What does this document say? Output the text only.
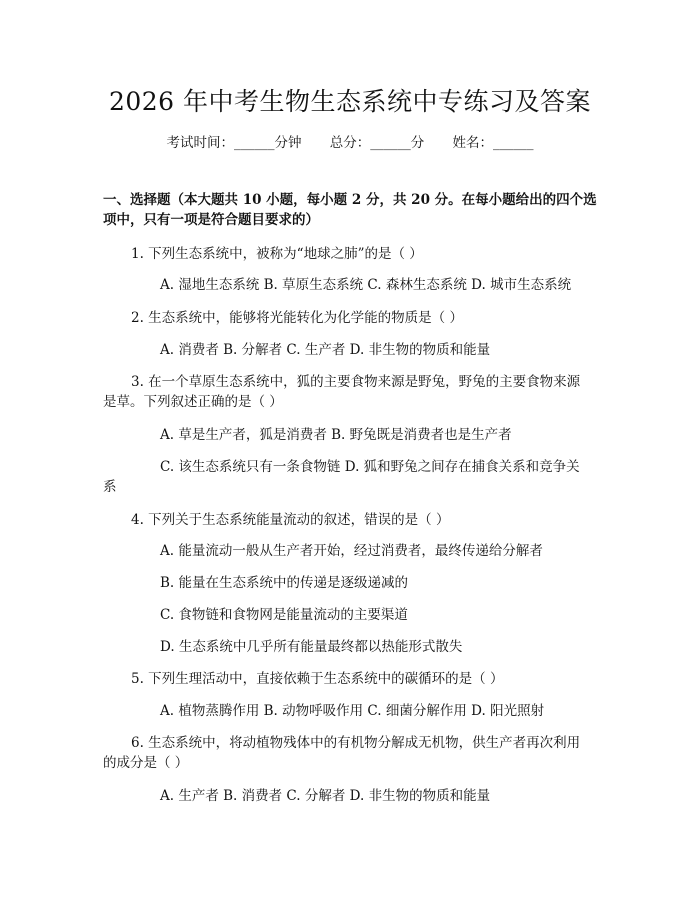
2026 年中考生物生态系统中专练习及答案
考试时间：______分钟 总分：______分 姓名：______
一、选择题（本大题共 10 小题，每小题 2 分，共 20 分。在每小题给出的四个选
项中，只有一项是符合题目要求的）
1. 下列生态系统中，被称为“地球之肺”的是（ ）
A. 湿地生态系统 B. 草原生态系统 C. 森林生态系统 D. 城市生态系统
2. 生态系统中，能够将光能转化为化学能的物质是（ ）
A. 消费者 B. 分解者 C. 生产者 D. 非生物的物质和能量
3. 在一个草原生态系统中，狐的主要食物来源是野兔，野兔的主要食物来源
是草。下列叙述正确的是（ ）
A. 草是生产者，狐是消费者 B. 野兔既是消费者也是生产者
C. 该生态系统只有一条食物链 D. 狐和野兔之间存在捕食关系和竞争关
系
4. 下列关于生态系统能量流动的叙述，错误的是（ ）
A. 能量流动一般从生产者开始，经过消费者，最终传递给分解者
B. 能量在生态系统中的传递是逐级递减的
C. 食物链和食物网是能量流动的主要渠道
D. 生态系统中几乎所有能量最终都以热能形式散失
5. 下列生理活动中，直接依赖于生态系统中的碳循环的是（ ）
A. 植物蒸腾作用 B. 动物呼吸作用 C. 细菌分解作用 D. 阳光照射
6. 生态系统中，将动植物残体中的有机物分解成无机物，供生产者再次利用
的成分是（ ）
A. 生产者 B. 消费者 C. 分解者 D. 非生物的物质和能量
